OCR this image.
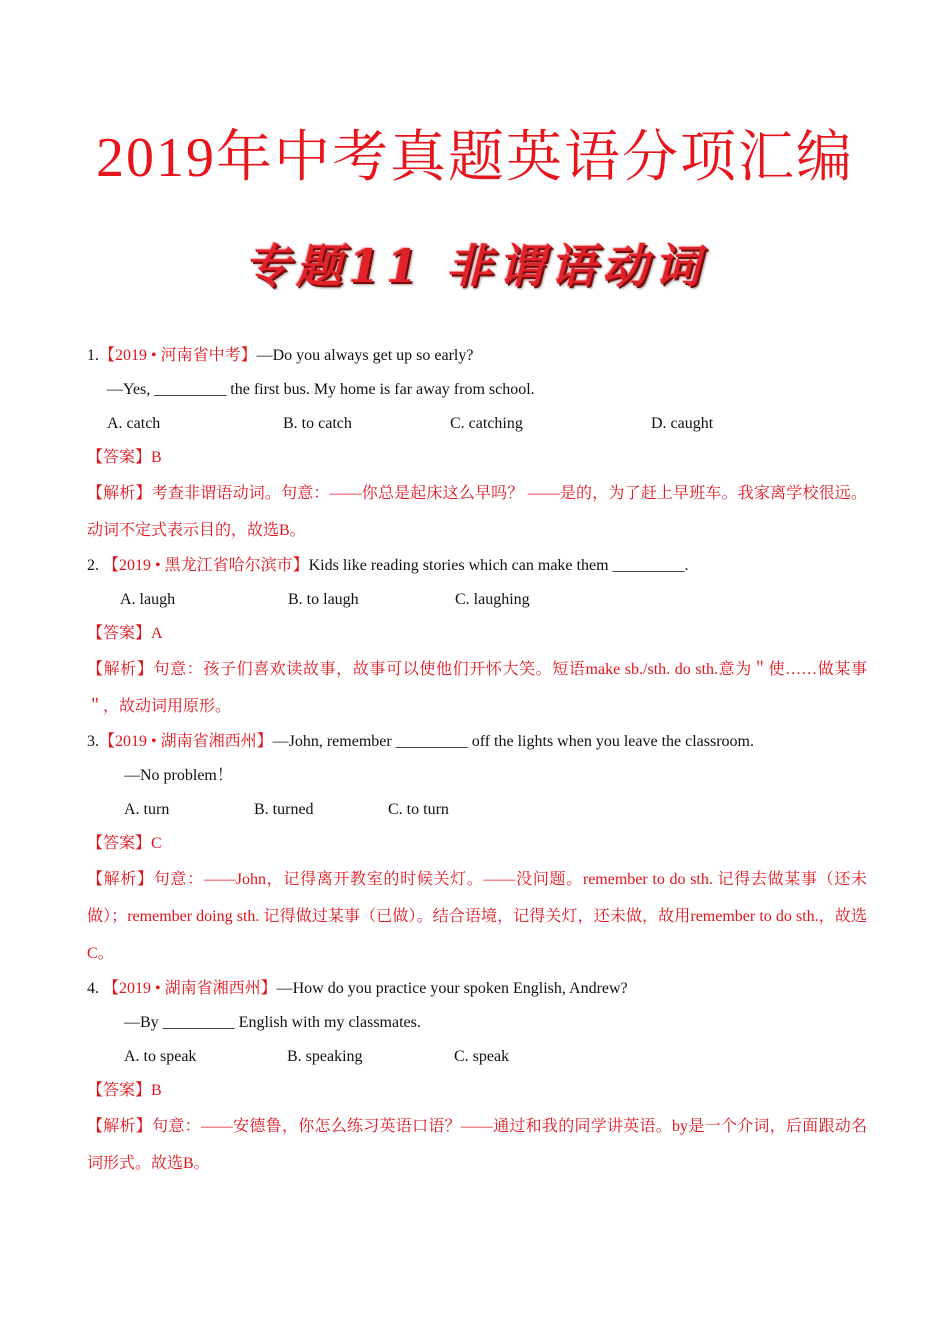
2019年中考真题英语分项汇编
专题11 非谓语动词
1.【2019 • 河南省中考】—Do you always get up so early?
—Yes, _________ the first bus. My home is far away from school.
A. catch	B. to catch	C. catching	D. caught
【答案】B
【解析】考查非谓语动词。句意：——你总是起床这么早吗？ ——是的，为了赶上早班车。我家离学校很远。动词不定式表示目的，故选B。
2. 【2019 • 黑龙江省哈尔滨市】Kids like reading stories which can make them _________.
A. laugh	B. to laugh	C. laughing
【答案】A
【解析】句意：孩子们喜欢读故事，故事可以使他们开怀大笑。短语make sb./sth. do sth.意为＂使……做某事＂，故动词用原形。
3.【2019 • 湖南省湘西州】—John, remember _________ off the lights when you leave the classroom.
—No problem！
A. turn	B. turned	C. to turn
【答案】C
【解析】句意：——John，记得离开教室的时候关灯。——没问题。remember to do sth. 记得去做某事（还未做）；remember doing sth. 记得做过某事（已做）。结合语境，记得关灯，还未做，故用remember to do sth.，故选C。
4. 【2019 • 湖南省湘西州】—How do you practice your spoken English, Andrew?
—By _________ English with my classmates.
A. to speak	B. speaking	C. speak
【答案】B
【解析】句意：——安德鲁，你怎么练习英语口语？——通过和我的同学讲英语。by是一个介词，后面跟动名词形式。故选B。
